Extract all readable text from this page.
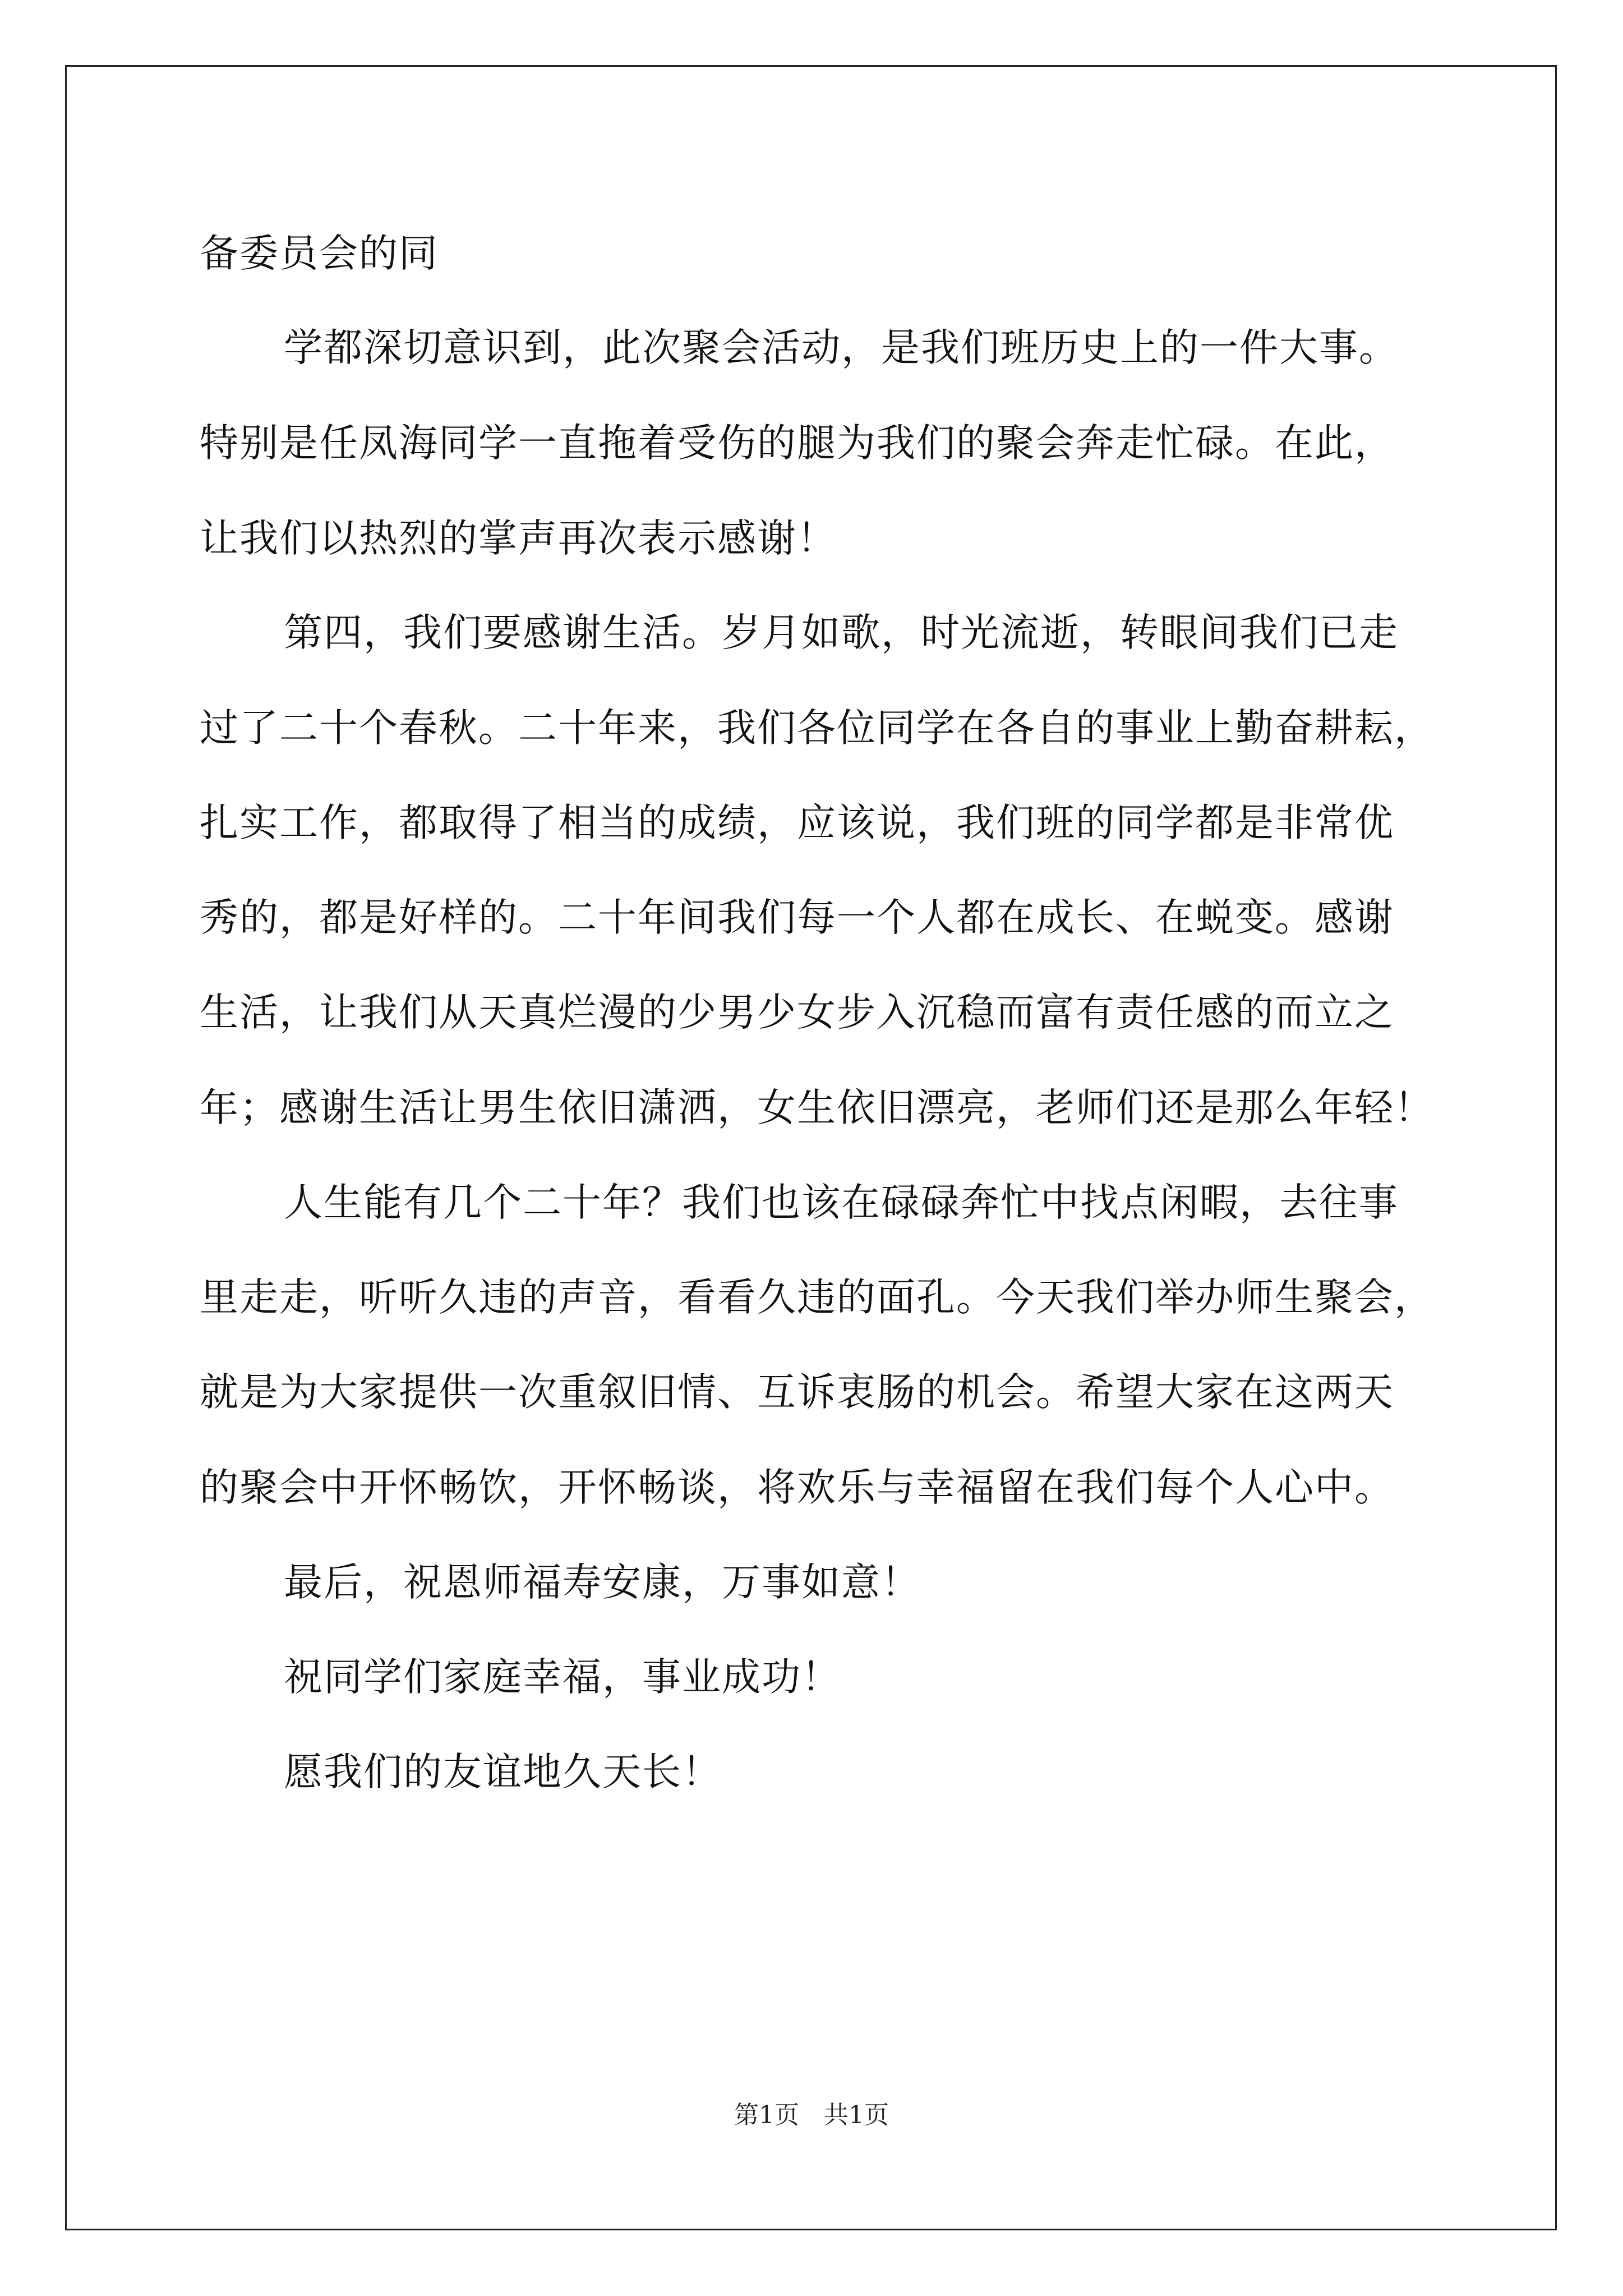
备委员会的同
学都深切意识到，此次聚会活动，是我们班历史上的一件大事。
特别是任凤海同学一直拖着受伤的腿为我们的聚会奔走忙碌。在此，
让我们以热烈的掌声再次表示感谢！
第四，我们要感谢生活。岁月如歌，时光流逝，转眼间我们已走
过了二十个春秋。二十年来，我们各位同学在各自的事业上勤奋耕耘，
扎实工作，都取得了相当的成绩，应该说，我们班的同学都是非常优
秀的，都是好样的。二十年间我们每一个人都在成长、在蜕变。感谢
生活，让我们从天真烂漫的少男少女步入沉稳而富有责任感的而立之
年；感谢生活让男生依旧潇洒，女生依旧漂亮，老师们还是那么年轻！
人生能有几个二十年？我们也该在碌碌奔忙中找点闲暇，去往事
里走走，听听久违的声音，看看久违的面孔。今天我们举办师生聚会，
就是为大家提供一次重叙旧情、互诉衷肠的机会。希望大家在这两天
的聚会中开怀畅饮，开怀畅谈，将欢乐与幸福留在我们每个人心中。
最后，祝恩师福寿安康，万事如意！
祝同学们家庭幸福，事业成功！
愿我们的友谊地久天长！
第1页　共1页
